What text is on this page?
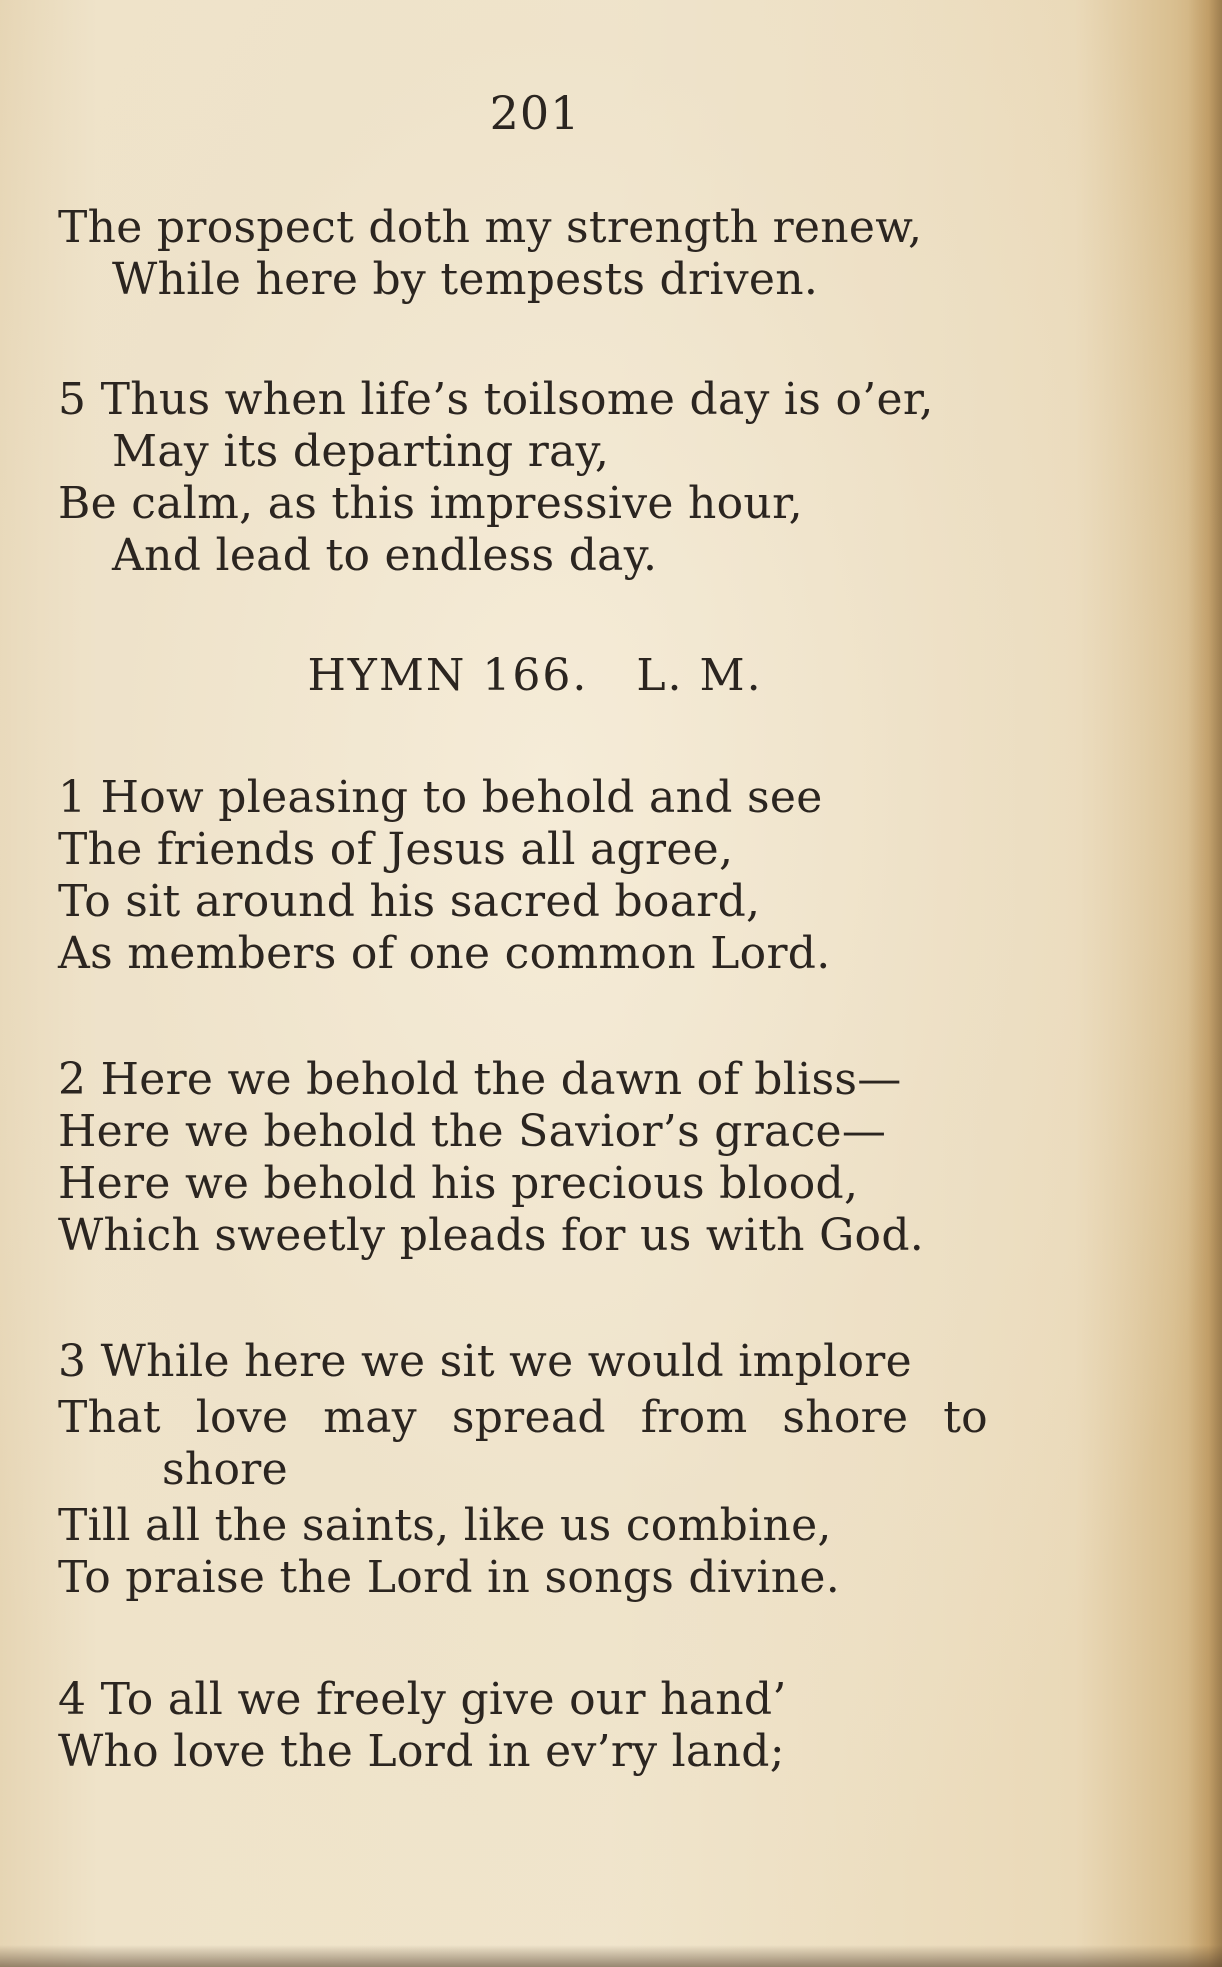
201
The prospect doth my strength renew,
While here by tempests driven.
5 Thus when life’s toilsome day is o’er,
May its departing ray,
Be calm, as this impressive hour,
And lead to endless day.
HYMN 166.   L. M.
1 How pleasing to behold and see
The friends of Jesus all agree,
To sit around his sacred board,
As members of one common Lord.
2 Here we behold the dawn of bliss—
Here we behold the Savior’s grace—
Here we behold his precious blood,
Which sweetly pleads for us with God.
3 While here we sit we would implore
That love may spread from shore to
shore
Till all the saints, like us combine,
To praise the Lord in songs divine.
4 To all we freely give our hand’
Who love the Lord in ev’ry land;
